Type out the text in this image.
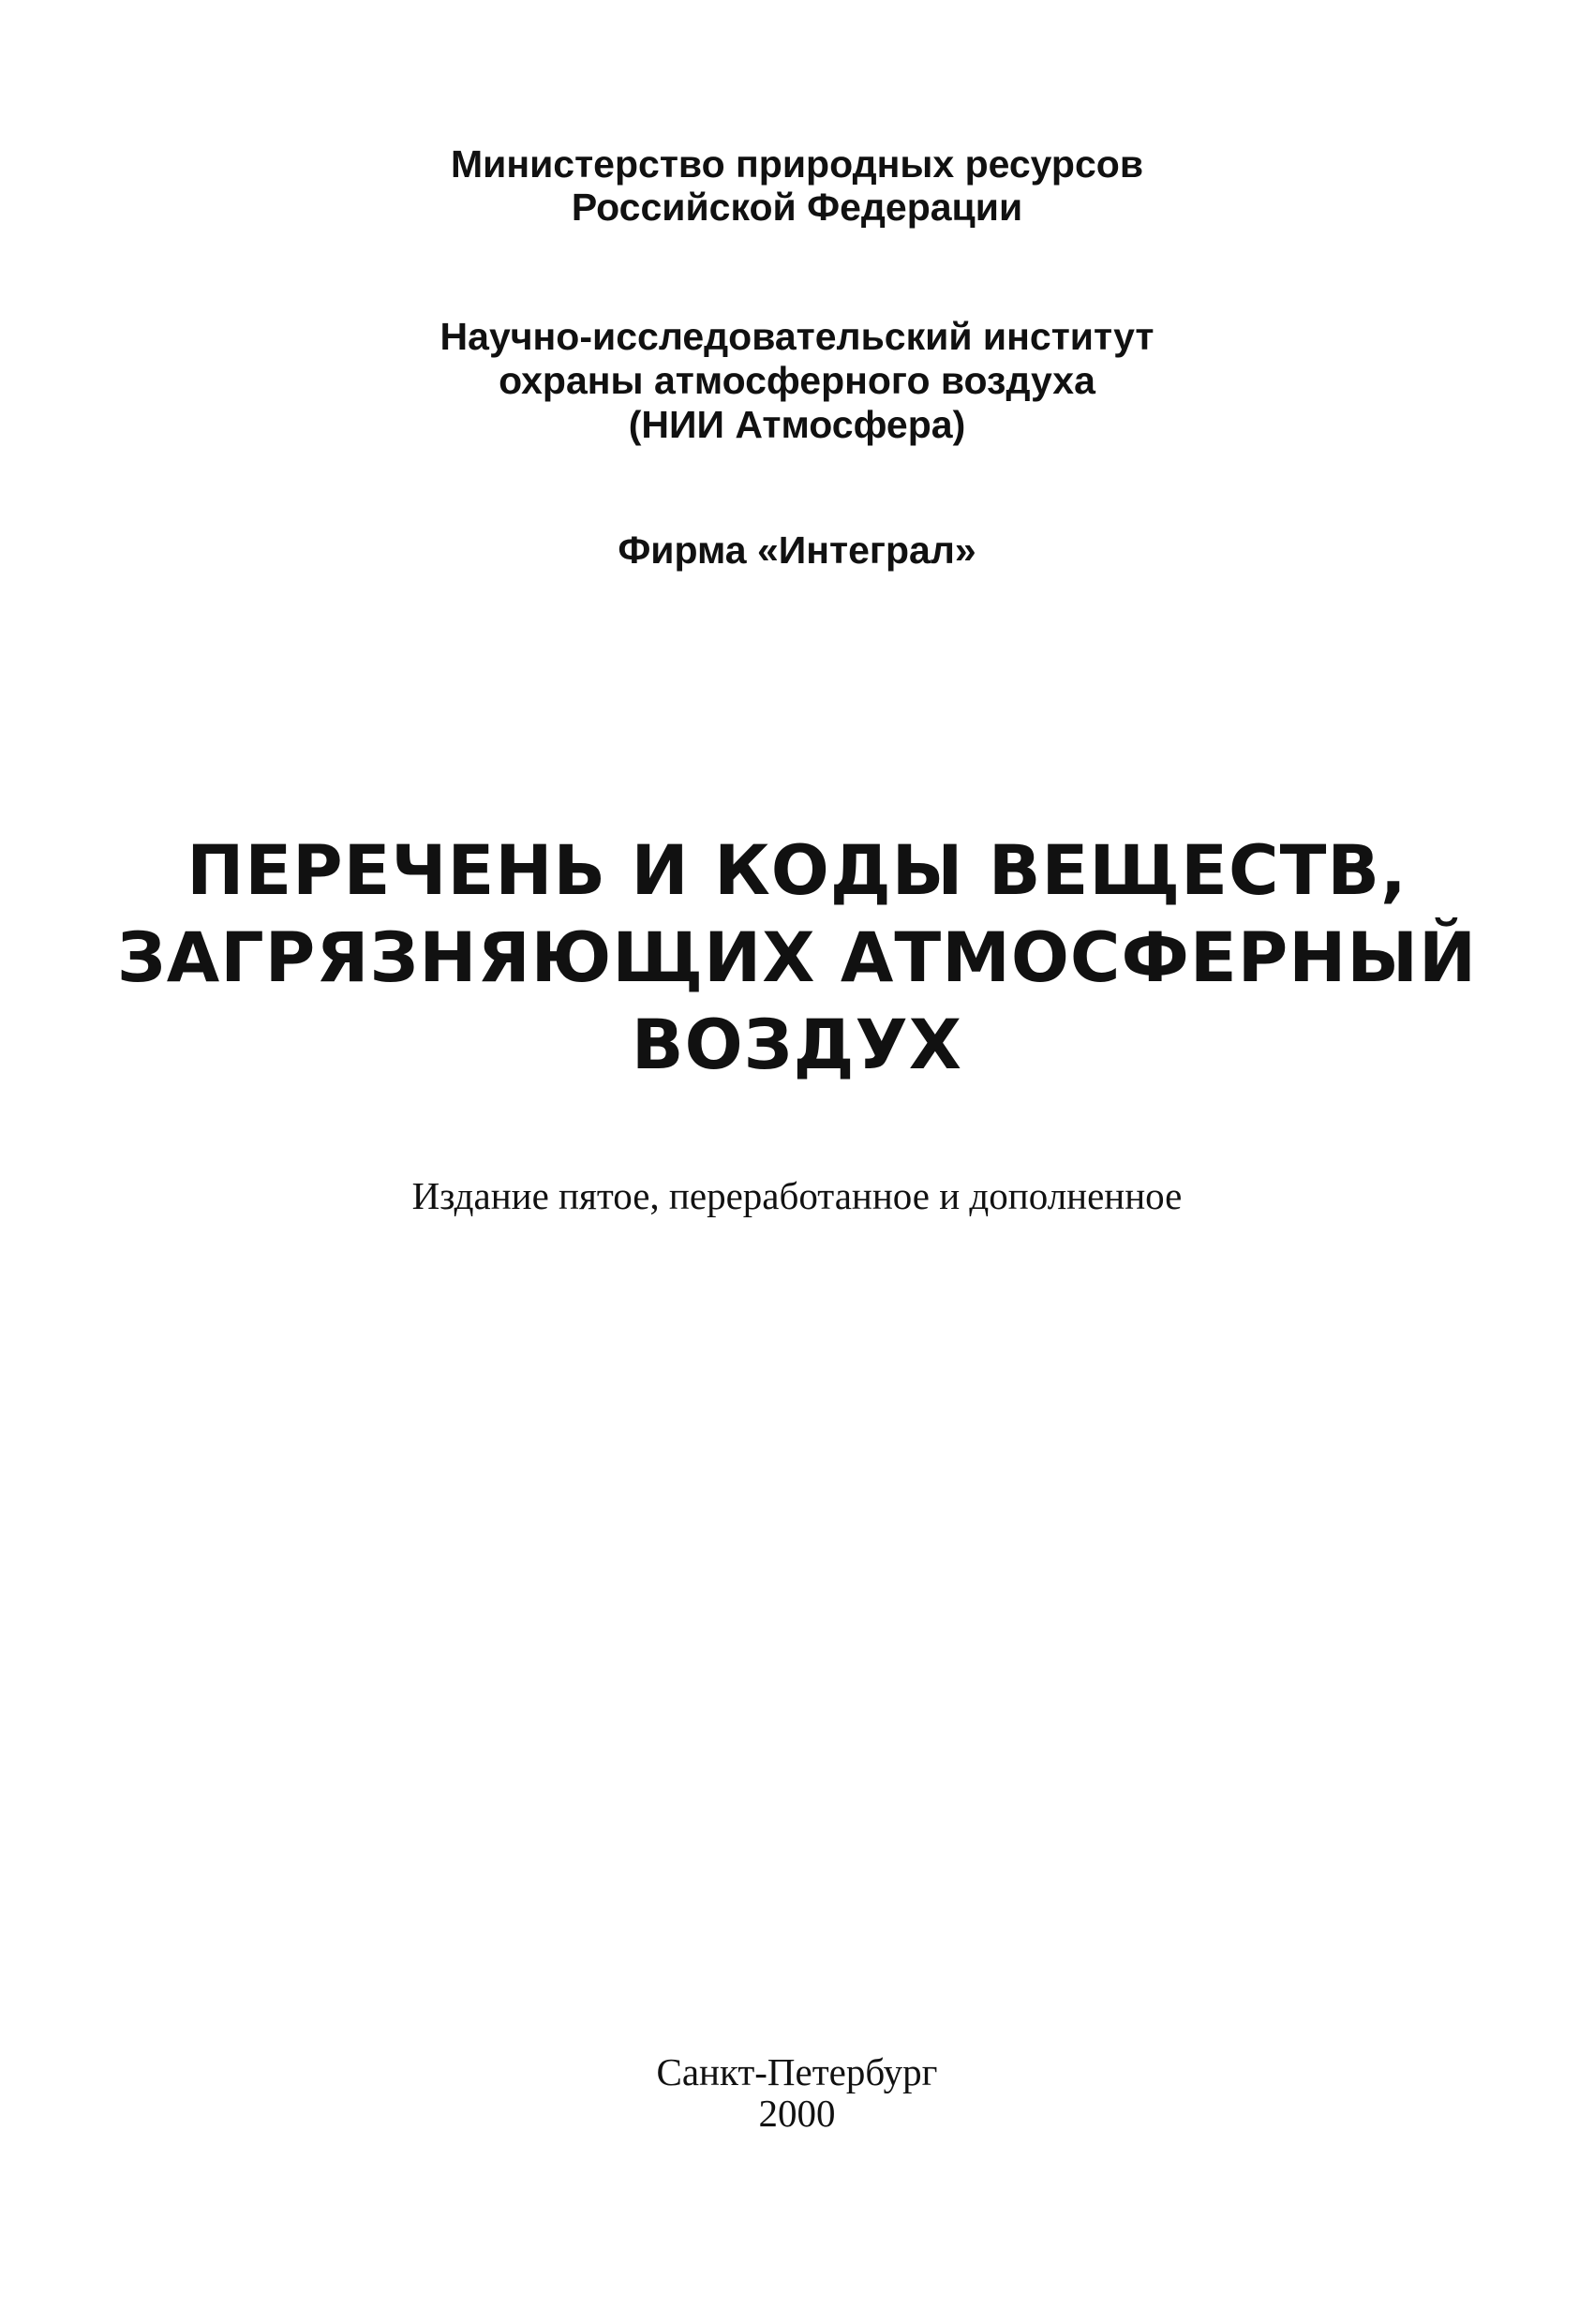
Министерство природных ресурсов
Российской Федерации
Научно-исследовательский институт
охраны атмосферного воздуха
(НИИ Атмосфера)
Фирма «Интеграл»
ПЕРЕЧЕНЬ И КОДЫ ВЕЩЕСТВ,
ЗАГРЯЗНЯЮЩИХ АТМОСФЕРНЫЙ
ВОЗДУХ
Издание пятое, переработанное и дополненное
Санкт-Петербург
2000
